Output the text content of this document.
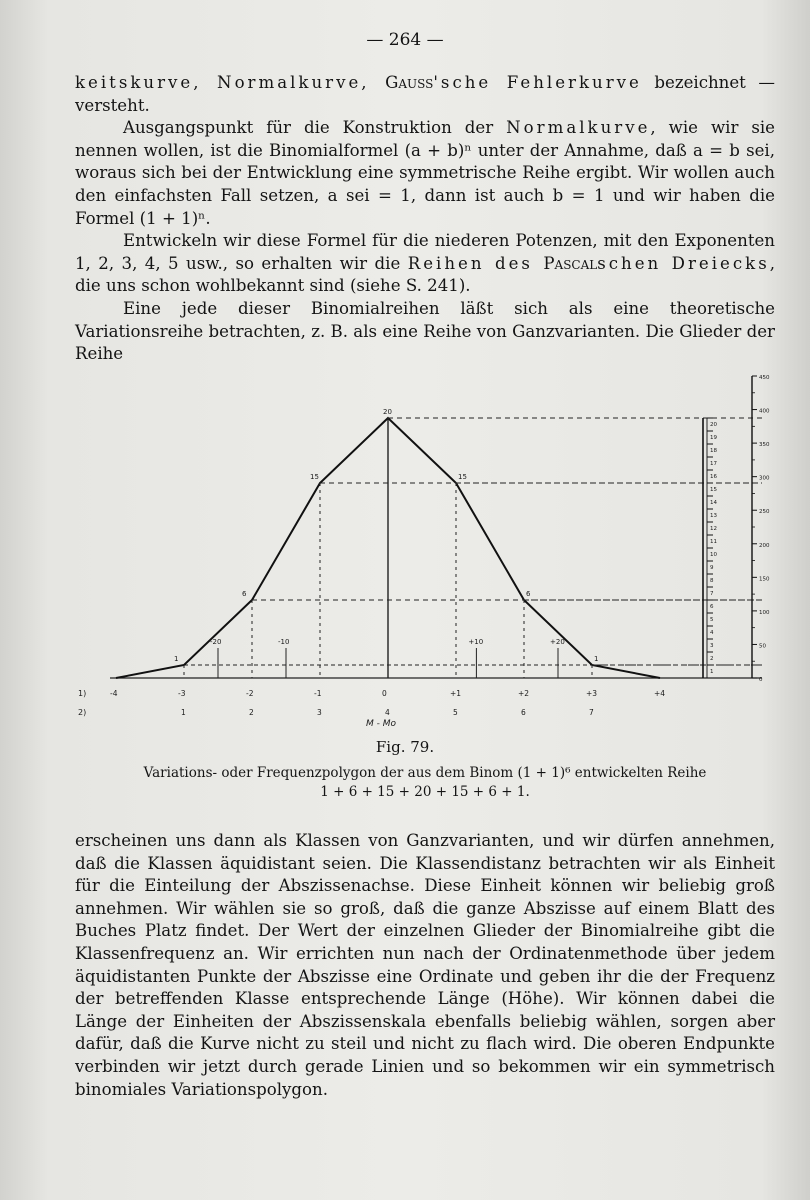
— 264 —

keitskurve, Normalkurve, Gauss'sche Fehlerkurve bezeichnet — versteht.

Ausgangspunkt für die Konstruktion der Normalkurve, wie wir sie nennen wollen, ist die Binomialformel (a + b)ⁿ unter der Annahme, daß a = b sei, woraus sich bei der Entwicklung eine symmetrische Reihe ergibt. Wir wollen auch den einfachsten Fall setzen, a sei = 1, dann ist auch b = 1 und wir haben die Formel (1 + 1)ⁿ.

Entwickeln wir diese Formel für die niederen Potenzen, mit den Exponenten 1, 2, 3, 4, 5 usw., so erhalten wir die Reihen des Pascalschen Dreiecks, die uns schon wohlbekannt sind (siehe S. 241).

Eine jede dieser Binomialreihen läßt sich als eine theoretische Variationsreihe betrachten, z. B. als eine Reihe von Ganzvarianten. Die Glieder der Reihe

1
6
15
20
15
6
1
-20	-10	+10	+20
-4	-3	-2	-1	0	+1	+2	+3	+4
1	2	3	4	5	6	7
1)
2)
M - Mo
20
19
18
17
16
15
14
13
12
11
10
9
8
7
6
5
4
3
2
1
450
400
350
300
250
200
150
100
50
0
Fig. 79.
Variations- oder Frequenzpolygon der aus dem Binom (1 + 1)⁶ entwickelten Reihe
1 + 6 + 15 + 20 + 15 + 6 + 1.

erscheinen uns dann als Klassen von Ganzvarianten, und wir dürfen annehmen, daß die Klassen äquidistant seien. Die Klassendistanz betrachten wir als Einheit für die Einteilung der Abszissenachse. Diese Einheit können wir beliebig groß annehmen. Wir wählen sie so groß, daß die ganze Abszisse auf einem Blatt des Buches Platz findet. Der Wert der einzelnen Glieder der Binomialreihe gibt die Klassenfrequenz an. Wir errichten nun nach der Ordinatenmethode über jedem äquidistanten Punkte der Abszisse eine Ordinate und geben ihr die der Frequenz der betreffenden Klasse entsprechende Länge (Höhe). Wir können dabei die Länge der Einheiten der Abszissenskala ebenfalls beliebig wählen, sorgen aber dafür, daß die Kurve nicht zu steil und nicht zu flach wird. Die oberen Endpunkte verbinden wir jetzt durch gerade Linien und so bekommen wir ein symmetrisch binomiales Variationspolygon.
